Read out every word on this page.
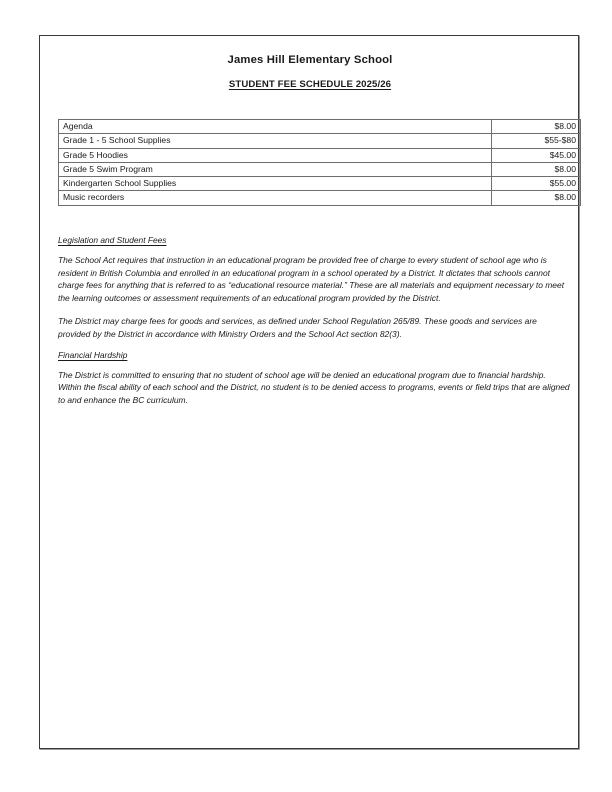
James Hill Elementary School
STUDENT FEE SCHEDULE 2025/26
Agenda	$8.00
Grade 1 - 5 School Supplies	$55-$80
Grade 5 Hoodies	$45.00
Grade 5 Swim Program	$8.00
Kindergarten School Supplies	$55.00
Music recorders	$8.00
Legislation and Student Fees

The School Act requires that instruction in an educational program be provided free of charge to every student of school age who is resident in British Columbia and enrolled in an educational program in a school operated by a District. It dictates that schools cannot charge fees for anything that is referred to as “educational resource material.” These are all materials and equipment necessary to meet the learning outcomes or assessment requirements of an educational program provided by the District.

The District may charge fees for goods and services, as defined under School Regulation 265/89. These goods and services are provided by the District in accordance with Ministry Orders and the School Act section 82(3).

Financial Hardship

The District is committed to ensuring that no student of school age will be denied an educational program due to financial hardship. Within the fiscal ability of each school and the District, no student is to be denied access to programs, events or field trips that are aligned to and enhance the BC curriculum.
